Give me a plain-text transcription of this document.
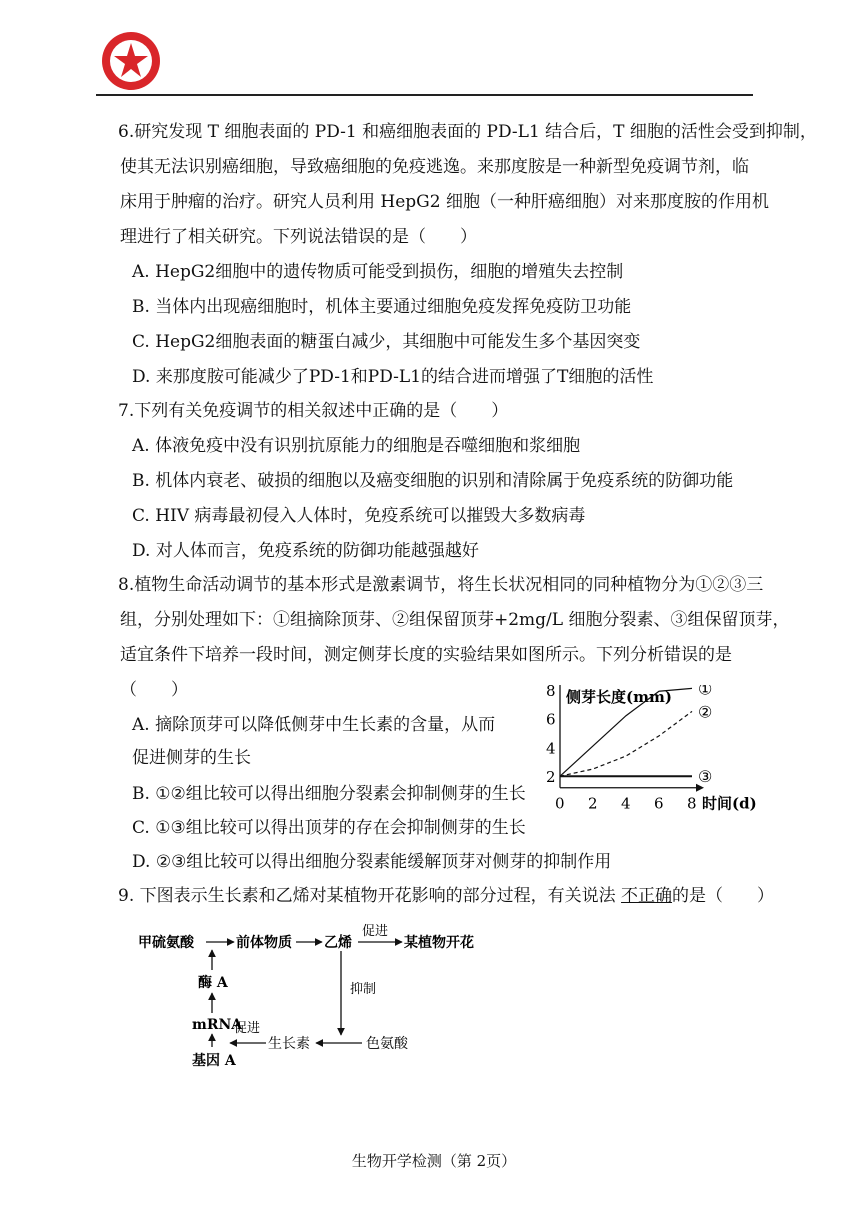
6.研究发现 T 细胞表面的 PD-1 和癌细胞表面的 PD-L1 结合后，T 细胞的活性会受到抑制，
使其无法识别癌细胞，导致癌细胞的免疫逃逸。来那度胺是一种新型免疫调节剂，临
床用于肿瘤的治疗。研究人员利用 HepG2 细胞（一种肝癌细胞）对来那度胺的作用机
理进行了相关研究。下列说法错误的是（　　）
A. HepG2细胞中的遗传物质可能受到损伤，细胞的增殖失去控制
B. 当体内出现癌细胞时，机体主要通过细胞免疫发挥免疫防卫功能
C. HepG2细胞表面的糖蛋白减少，其细胞中可能发生多个基因突变
D. 来那度胺可能减少了PD-1和PD-L1的结合进而增强了T细胞的活性
7.下列有关免疫调节的相关叙述中正确的是（　　）
A. 体液免疫中没有识别抗原能力的细胞是吞噬细胞和浆细胞
B. 机体内衰老、破损的细胞以及癌变细胞的识别和清除属于免疫系统的防御功能
C. HIV 病毒最初侵入人体时，免疫系统可以摧毁大多数病毒
D. 对人体而言，免疫系统的防御功能越强越好
8.植物生命活动调节的基本形式是激素调节，将生长状况相同的同种植物分为①②③三
组，分别处理如下：①组摘除顶芽、②组保留顶芽+2mg/L 细胞分裂素、③组保留顶芽，
适宜条件下培养一段时间，测定侧芽长度的实验结果如图所示。下列分析错误的是
（　　）
A. 摘除顶芽可以降低侧芽中生长素的含量，从而
促进侧芽的生长
B. ①②组比较可以得出细胞分裂素会抑制侧芽的生长
C. ①③组比较可以得出顶芽的存在会抑制侧芽的生长
D. ②③组比较可以得出细胞分裂素能缓解顶芽对侧芽的抑制作用
2
4
6
8
0 2 4 6 8
侧芽长度(mm)
时间(d)
①
②
③
9. 下图表示生长素和乙烯对某植物开花影响的部分过程，有关说法 不正确的是（　　）
甲硫氨酸	前体物质 乙烯
促进
某植物开花
酶 A
mRNA
基因 A
促进
生长素	色氨酸
抑制
生物开学检测（第 2页）
